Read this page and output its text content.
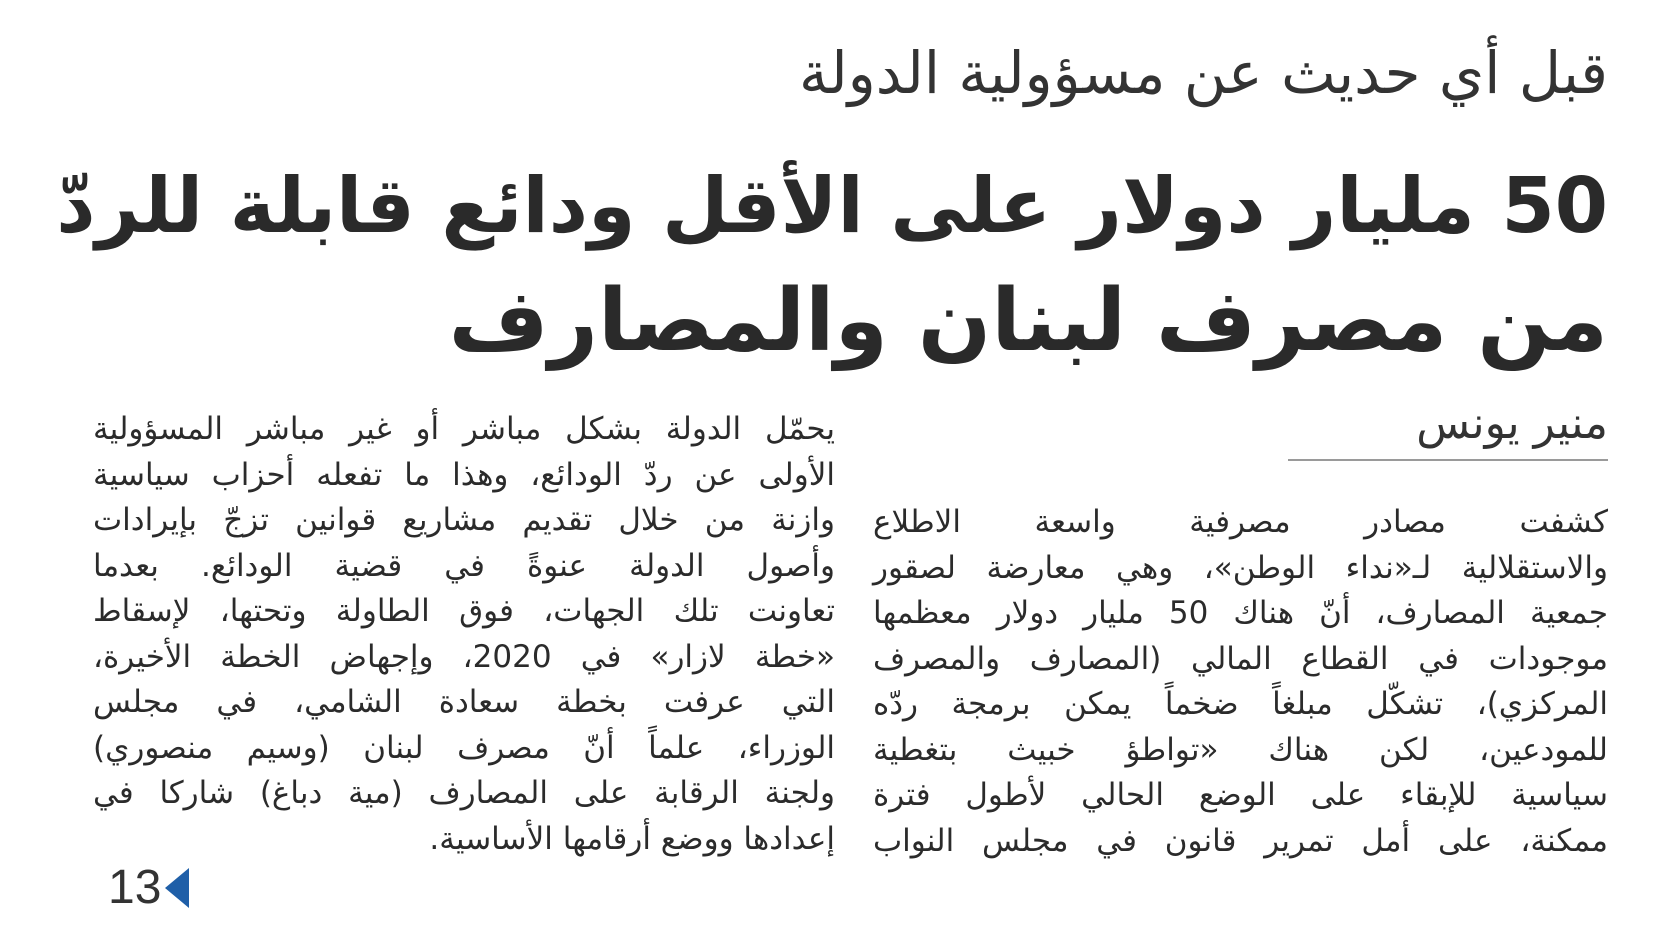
قبل أي حديث عن مسؤولية الدولة
50 مليار دولار على الأقل ودائع قابلة للردّ
من مصرف لبنان والمصارف
منير يونس
كشفت مصادر مصرفية واسعة الاطلاع
والاستقلالية لـ«نداء الوطن»، وهي معارضة لصقور
جمعية المصارف، أنّ هناك 50 مليار دولار معظمها
موجودات في القطاع المالي (المصارف والمصرف
المركزي)، تشكّل مبلغاً ضخماً يمكن برمجة ردّه
للمودعين، لكن هناك «تواطؤ خبيث بتغطية
سياسية للإبقاء على الوضع الحالي لأطول فترة
ممكنة، على أمل تمرير قانون في مجلس النواب
يحمّل الدولة بشكل مباشر أو غير مباشر المسؤولية
الأولى عن ردّ الودائع، وهذا ما تفعله أحزاب سياسية
وازنة من خلال تقديم مشاريع قوانين تزجّ بإيرادات
وأصول الدولة عنوةً في قضية الودائع. بعدما
تعاونت تلك الجهات، فوق الطاولة وتحتها، لإسقاط
«خطة لازار» في 2020، وإجهاض الخطة الأخيرة،
التي عرفت بخطة سعادة الشامي، في مجلس
الوزراء، علماً أنّ مصرف لبنان (وسيم منصوري)
ولجنة الرقابة على المصارف (مية دباغ) شاركا في
إعدادها ووضع أرقامها الأساسية.
13
